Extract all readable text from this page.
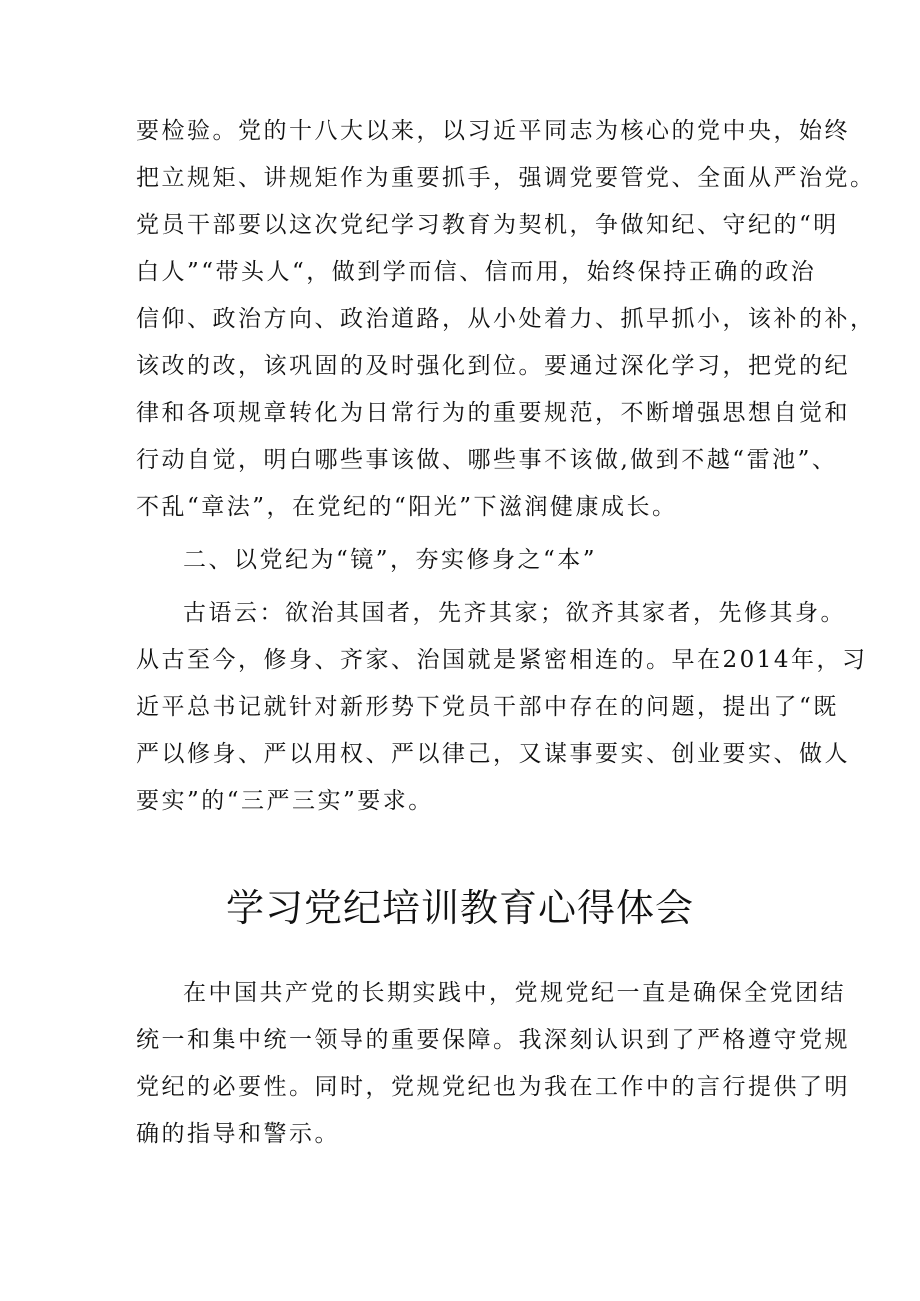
要检验。党的十八大以来，以习近平同志为核心的党中央，始终
把立规矩、讲规矩作为重要抓手，强调党要管党、全面从严治党。
党员干部要以这次党纪学习教育为契机，争做知纪、守纪的“明
白人”“带头人“，做到学而信、信而用，始终保持正确的政治
信仰、政治方向、政治道路，从小处着力、抓早抓小，该补的补，
该改的改，该巩固的及时强化到位。要通过深化学习，把党的纪
律和各项规章转化为日常行为的重要规范，不断增强思想自觉和
行动自觉，明白哪些事该做、哪些事不该做,做到不越“雷池”、
不乱“章法”，在党纪的“阳光”下滋润健康成长。
二、以党纪为“镜”，夯实修身之“本”
古语云：欲治其国者，先齐其家；欲齐其家者，先修其身。
从古至今，修身、齐家、治国就是紧密相连的。早在2014年，习
近平总书记就针对新形势下党员干部中存在的问题，提出了“既
严以修身、严以用权、严以律己，又谋事要实、创业要实、做人
要实”的“三严三实”要求。
学习党纪培训教育心得体会
在中国共产党的长期实践中，党规党纪一直是确保全党团结
统一和集中统一领导的重要保障。我深刻认识到了严格遵守党规
党纪的必要性。同时，党规党纪也为我在工作中的言行提供了明
确的指导和警示。
